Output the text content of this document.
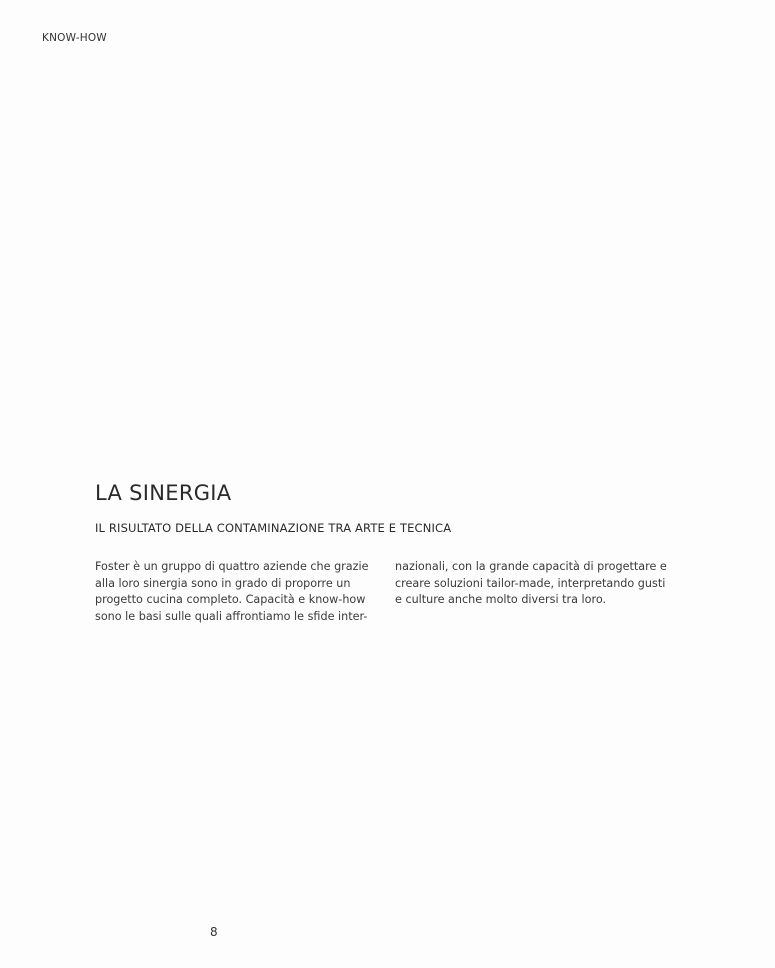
KNOW-HOW
LA SINERGIA
IL RISULTATO DELLA CONTAMINAZIONE TRA ARTE E TECNICA
Foster è un gruppo di quattro aziende che grazie
alla loro sinergia sono in grado di proporre un
progetto cucina completo. Capacità e know-how
sono le basi sulle quali affrontiamo le sfide inter-
nazionali, con la grande capacità di progettare e
creare soluzioni tailor-made, interpretando gusti
e culture anche molto diversi tra loro.
8
